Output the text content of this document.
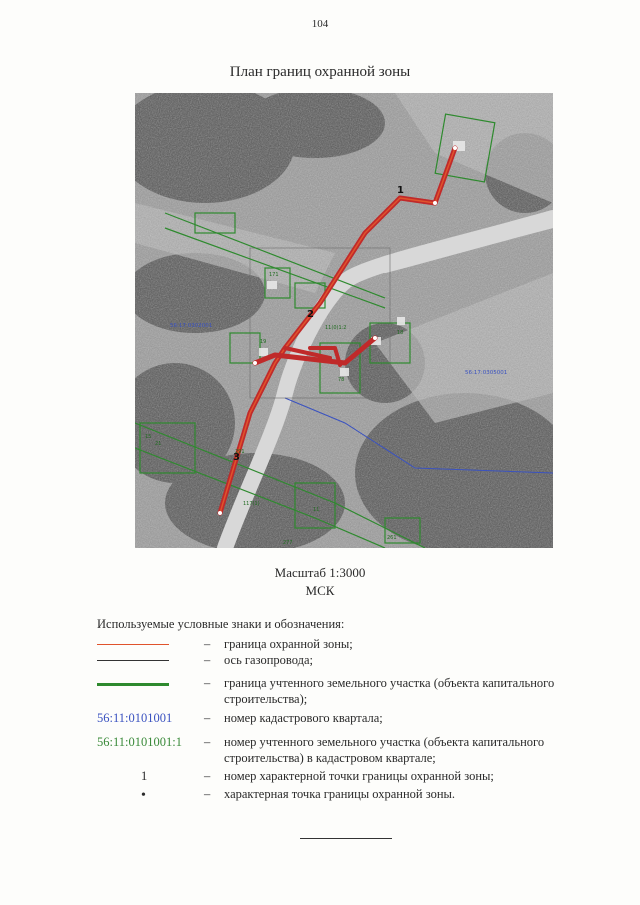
104
План границ охранной зоны
1
2
3
56:17:0302001
56:17:0305001
171
11(0)1:2
18
19
78
21
11
291
117(1)
277
261
15
Масштаб 1:3000
МСК
Используемые условные знаки и обозначения:
– граница охранной зоны;
– ось газопровода;
– граница учтенного земельного участка (объекта капитального строительства);
56:11:0101001	– номер кадастрового квартала;
56:11:0101001:1	– номер учтенного земельного участка (объекта капитального строительства) в кадастровом квартале;
1	– номер характерной точки границы охранной зоны;
•	– характерная точка границы охранной зоны.
